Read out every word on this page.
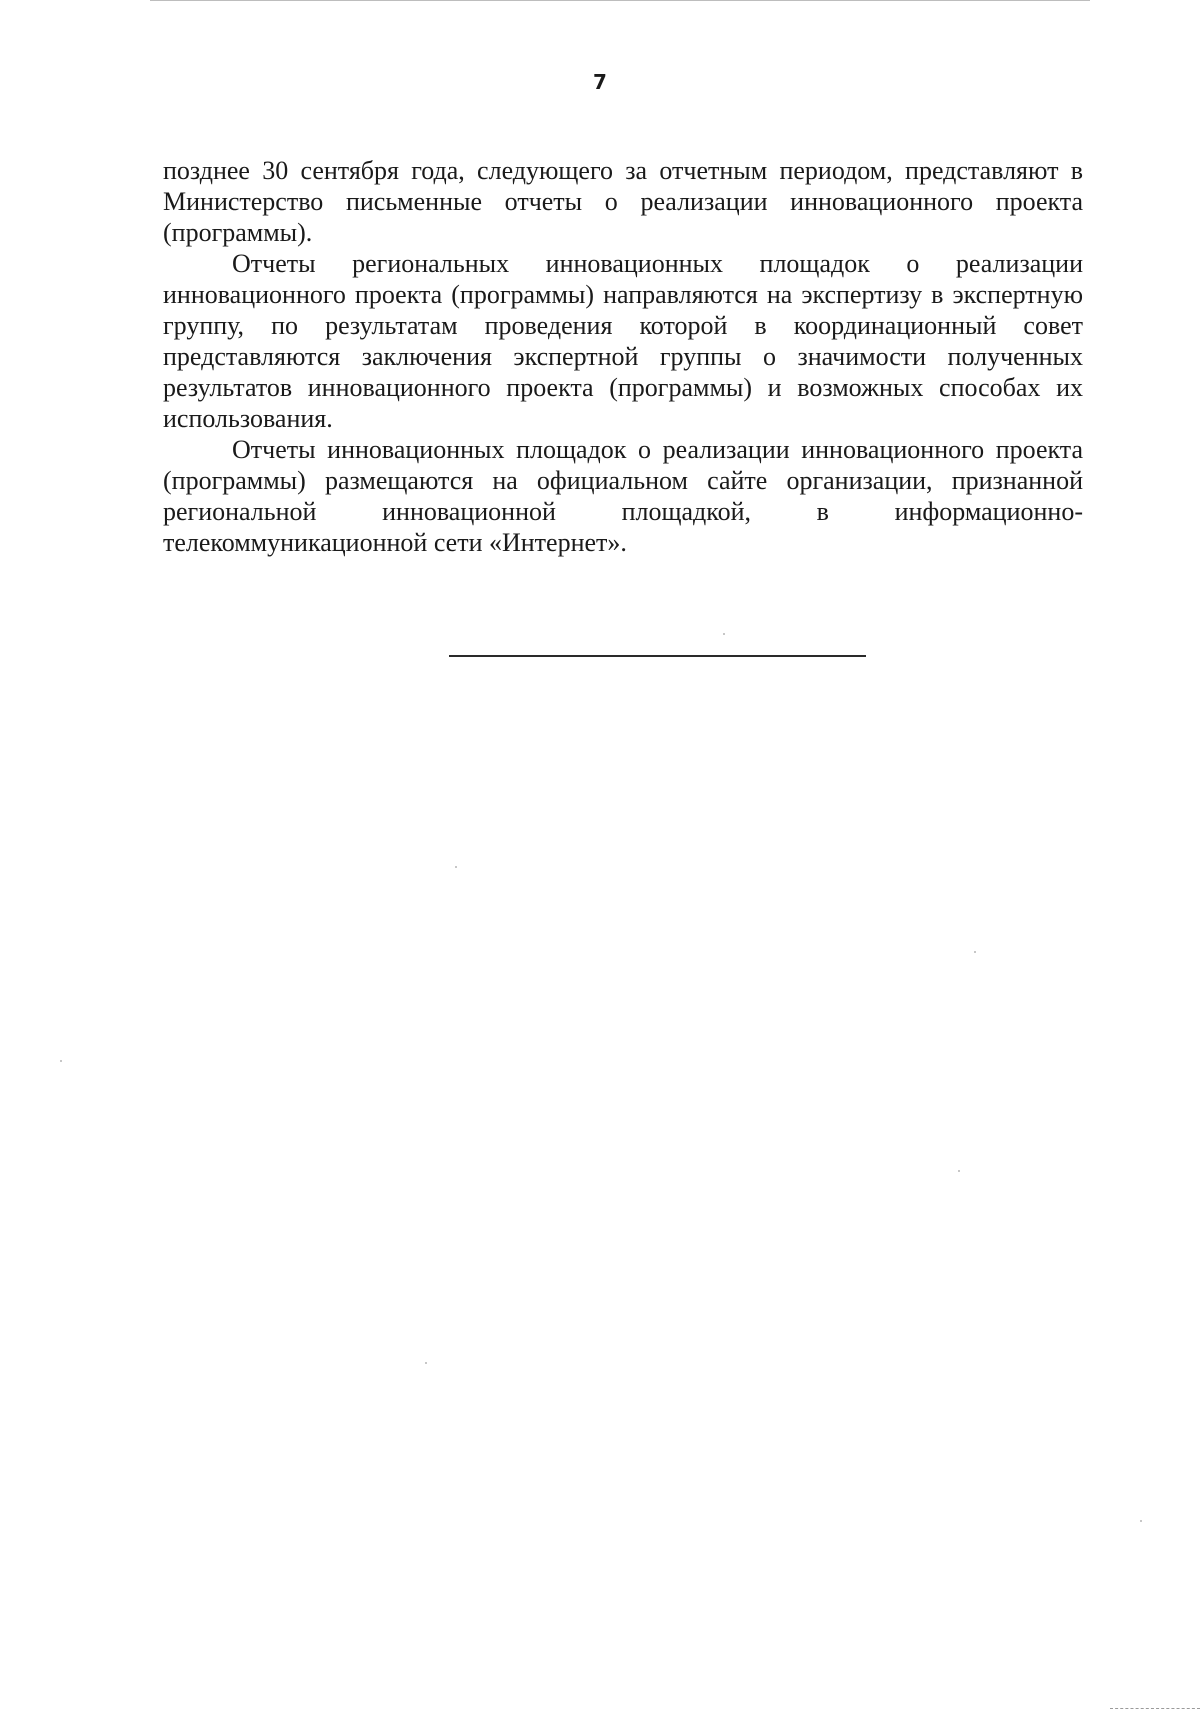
7

позднее 30 сентября года, следующего за отчетным периодом, представляют в Министерство письменные отчеты о реализации инновационного проекта (программы).

Отчеты региональных инновационных площадок о реализации инновационного проекта (программы) направляются на экспертизу в экспертную группу, по результатам проведения которой в координационный совет представляются заключения экспертной группы о значимости полученных результатов инновационного проекта (программы) и возможных способах их использования.

Отчеты инновационных площадок о реализации инновационного проекта (программы) размещаются на официальном сайте организации, признанной региональной инновационной площадкой, в информационно-телекоммуникационной сети «Интернет».
